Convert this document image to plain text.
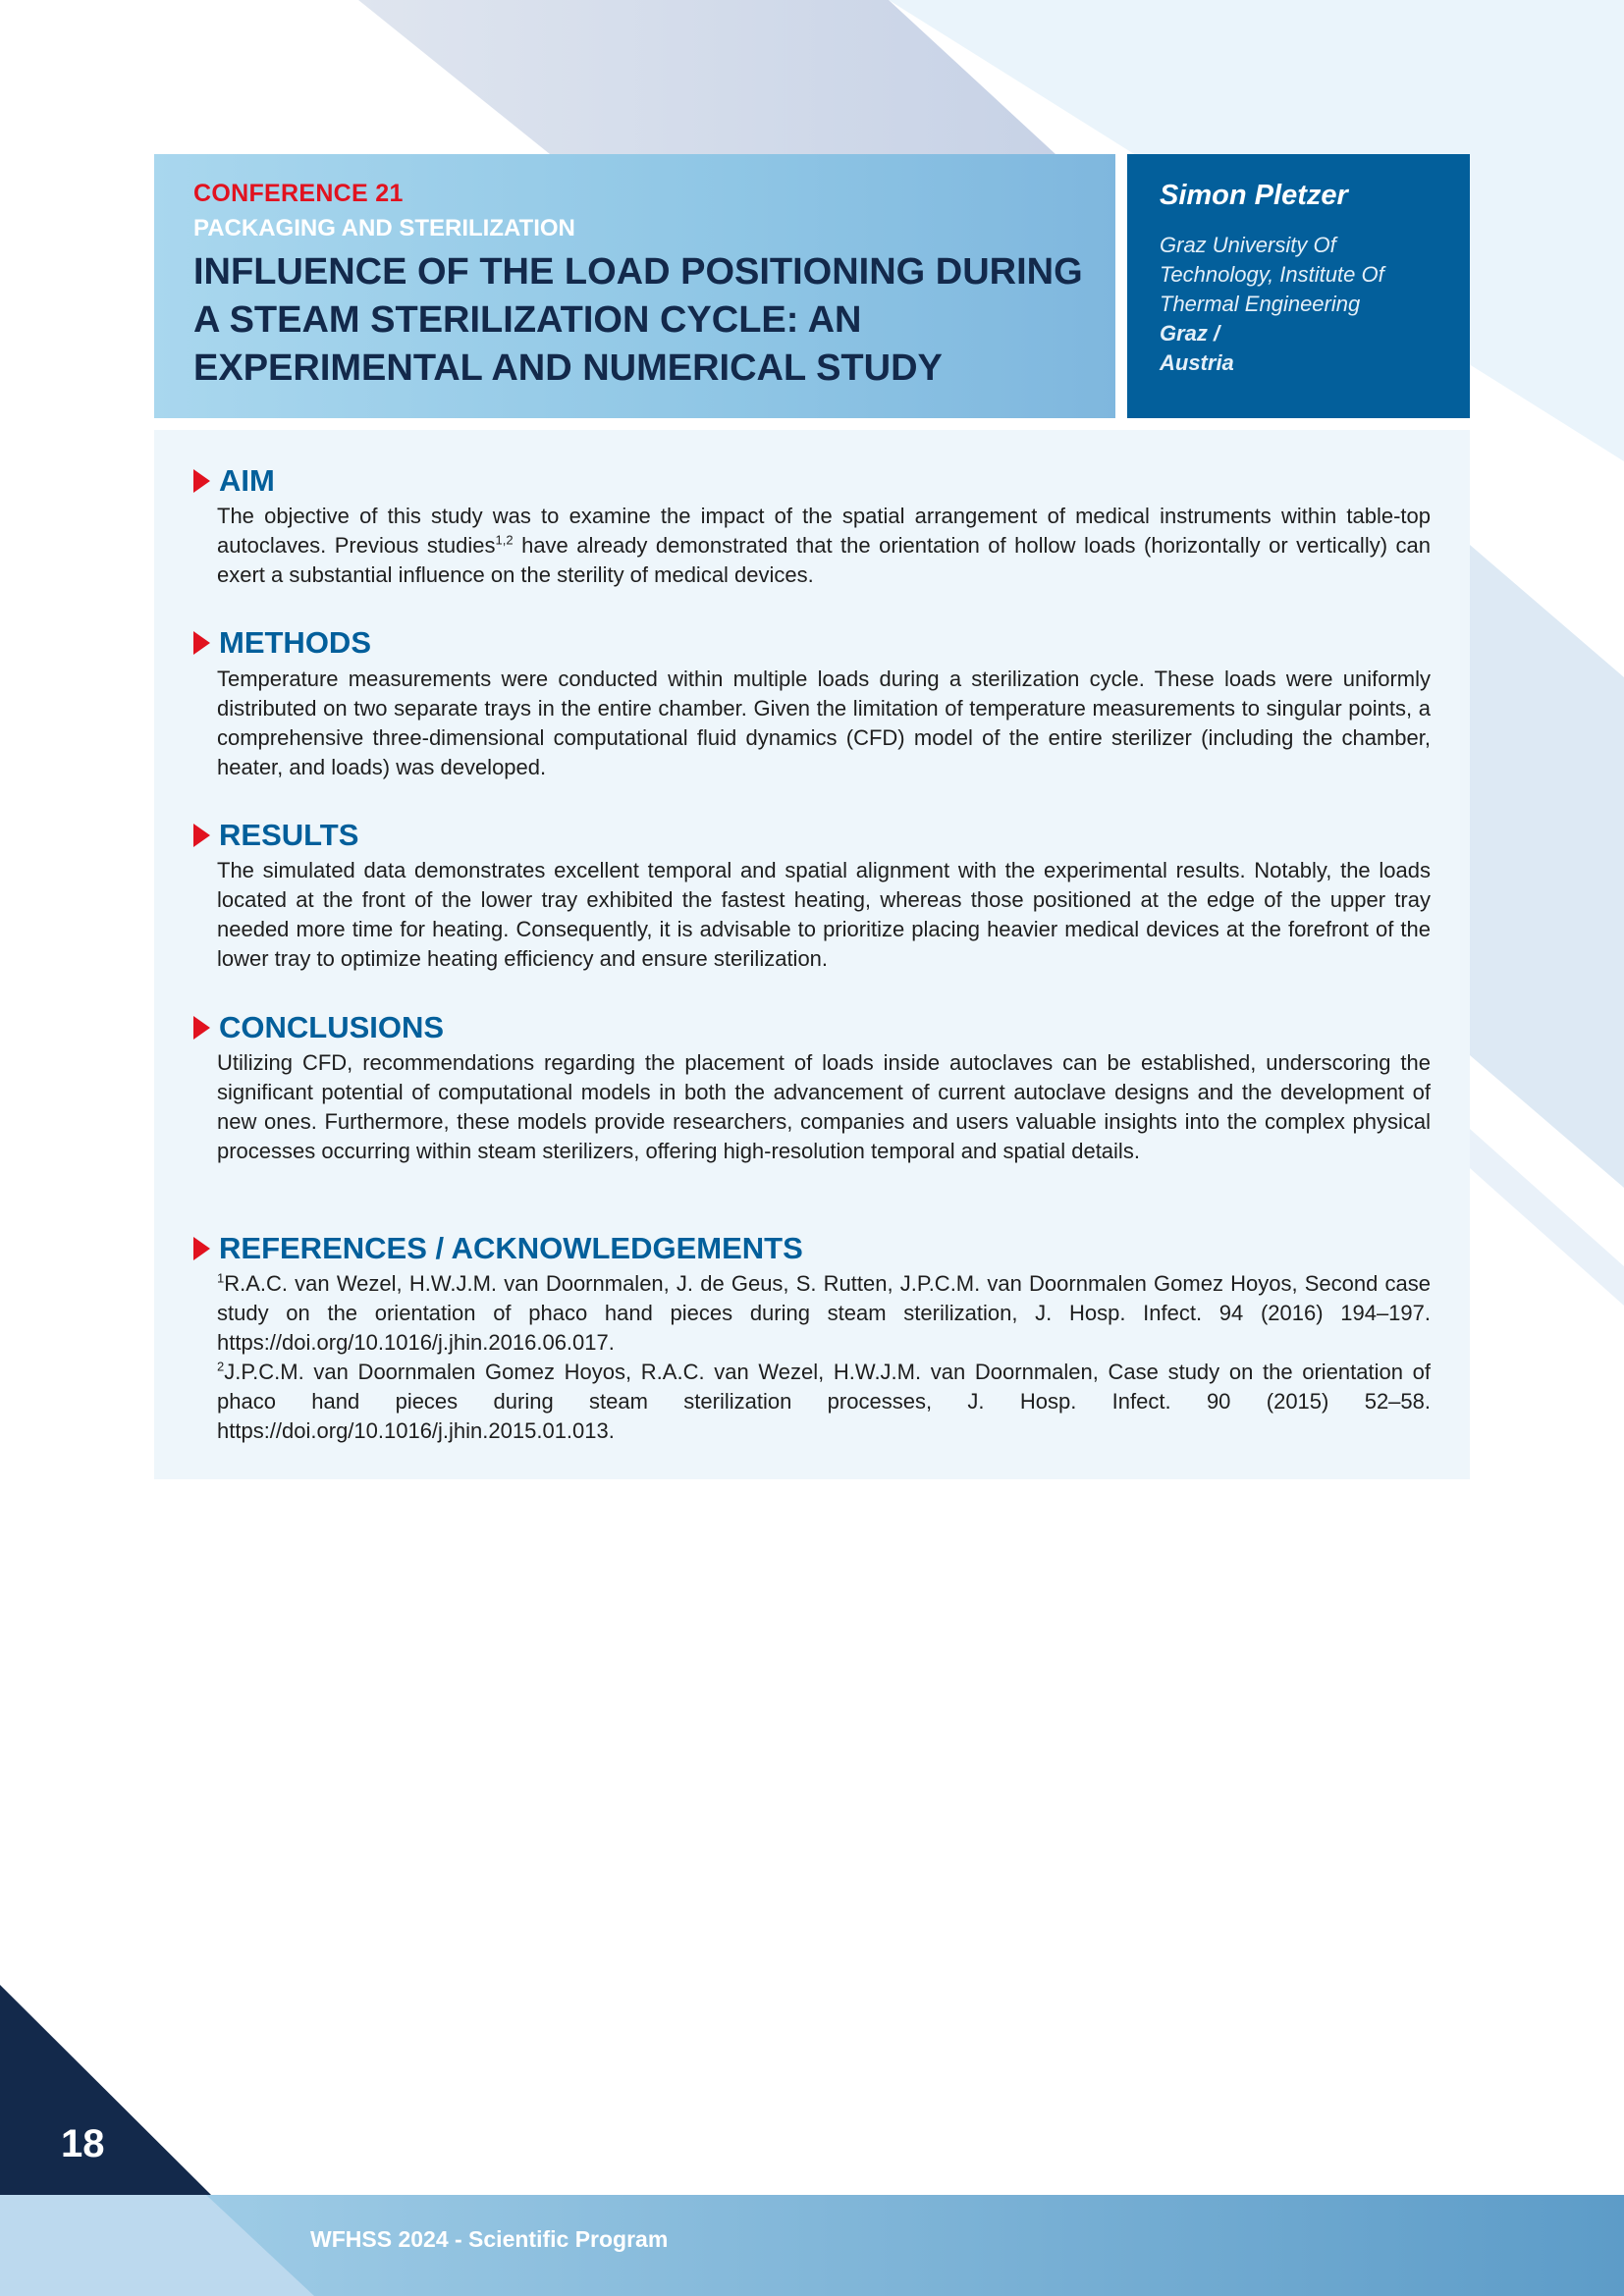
CONFERENCE 21
PACKAGING AND STERILIZATION
INFLUENCE OF THE LOAD POSITIONING DURING A STEAM STERILIZATION CYCLE: AN EXPERIMENTAL AND NUMERICAL STUDY
Simon Pletzer
Graz University Of Technology, Institute Of Thermal Engineering
Graz /
Austria
AIM

The objective of this study was to examine the impact of the spatial arrangement of medical instruments within table-top autoclaves. Previous studies$^{1,2}$ have already demonstrated that the orientation of hollow loads (horizontally or vertically) can exert a substantial influence on the sterility of medical devices.

METHODS

Temperature measurements were conducted within multiple loads during a sterilization cycle. These loads were uniformly distributed on two separate trays in the entire chamber. Given the limitation of temperature measurements to singular points, a comprehensive three-dimensional computational fluid dynamics (CFD) model of the entire sterilizer (including the chamber, heater, and loads) was developed.

RESULTS

The simulated data demonstrates excellent temporal and spatial alignment with the experimental results. Notably, the loads located at the front of the lower tray exhibited the fastest heating, whereas those positioned at the edge of the upper tray needed more time for heating. Consequently, it is advisable to prioritize placing heavier medical devices at the forefront of the lower tray to optimize heating efficiency and ensure sterilization.

CONCLUSIONS

Utilizing CFD, recommendations regarding the placement of loads inside autoclaves can be established, underscoring the significant potential of computational models in both the advancement of current autoclave designs and the development of new ones. Furthermore, these models provide researchers, companies and users valuable insights into the complex physical processes occurring within steam sterilizers, offering high-resolution temporal and spatial details.

REFERENCES / ACKNOWLEDGEMENTS

$^1$R.A.C. van Wezel, H.W.J.M. van Doornmalen, J. de Geus, S. Rutten, J.P.C.M. van Doornmalen Gomez Hoyos, Second case study on the orientation of phaco hand pieces during steam sterilization, J. Hosp. Infect. 94 (2016) 194–197. https://doi.org/10.1016/j.jhin.2016.06.017.

$^2$J.P.C.M. van Doornmalen Gomez Hoyos, R.A.C. van Wezel, H.W.J.M. van Doornmalen, Case study on the orientation of phaco hand pieces during steam sterilization processes, J. Hosp. Infect. 90 (2015) 52–58. https://doi.org/10.1016/j.jhin.2015.01.013.

18
WFHSS 2024 - Scientific Program
